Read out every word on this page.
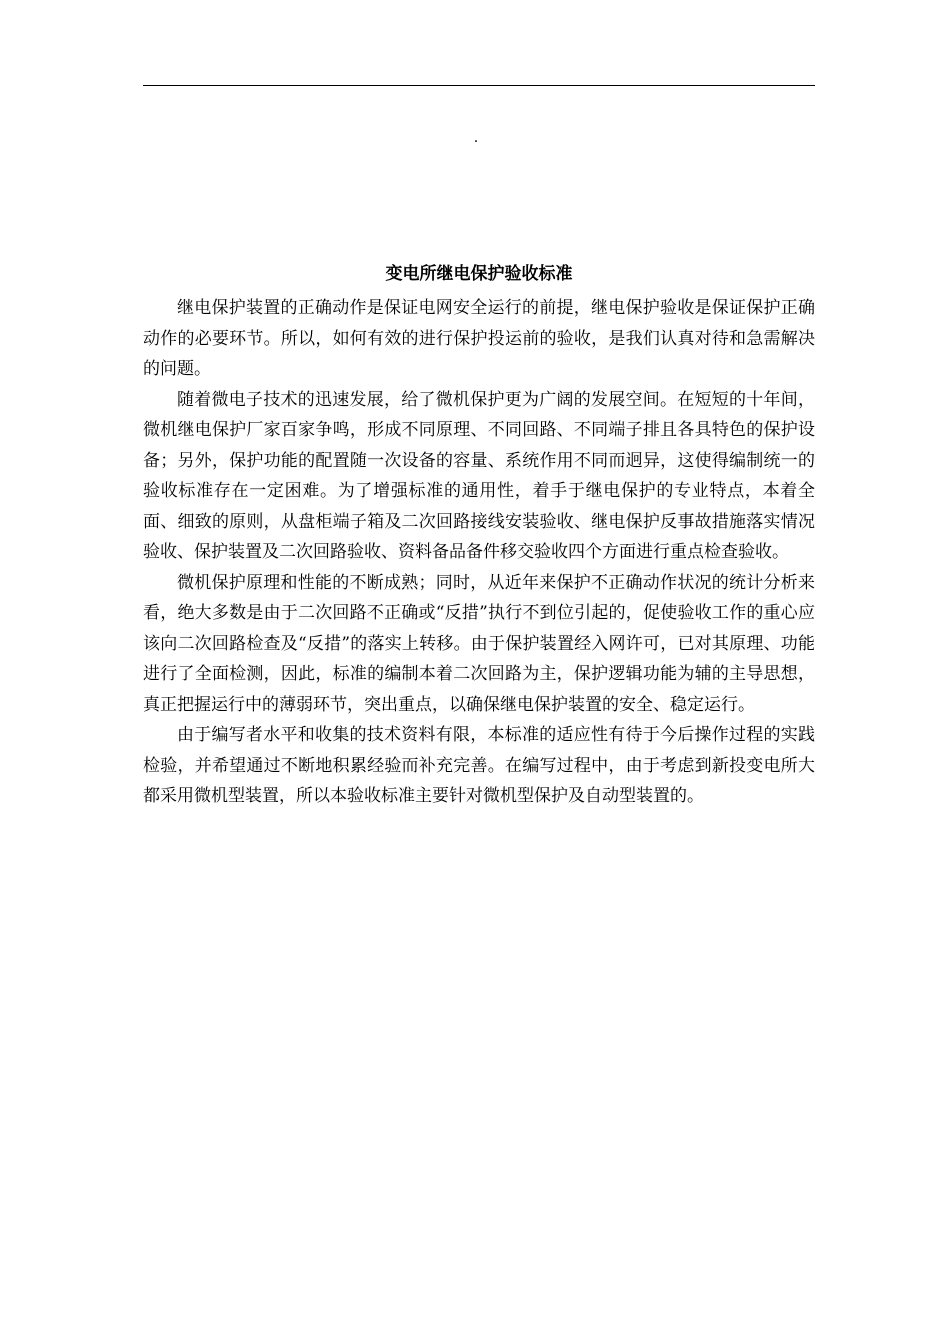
.
变电所继电保护验收标准

继电保护装置的正确动作是保证电网安全运行的前提，继电保护验收是保证保护正确动作的必要环节。所以，如何有效的进行保护投运前的验收，是我们认真对待和急需解决的问题。

随着微电子技术的迅速发展，给了微机保护更为广阔的发展空间。在短短的十年间，微机继电保护厂家百家争鸣，形成不同原理、不同回路、不同端子排且各具特色的保护设备；另外，保护功能的配置随一次设备的容量、系统作用不同而迥异，这使得编制统一的验收标准存在一定困难。为了增强标准的通用性，着手于继电保护的专业特点，本着全面、细致的原则，从盘柜端子箱及二次回路接线安装验收、继电保护反事故措施落实情况验收、保护装置及二次回路验收、资料备品备件移交验收四个方面进行重点检查验收。

微机保护原理和性能的不断成熟；同时，从近年来保护不正确动作状况的统计分析来看，绝大多数是由于二次回路不正确或“反措”执行不到位引起的，促使验收工作的重心应该向二次回路检查及“反措”的落实上转移。由于保护装置经入网许可，已对其原理、功能进行了全面检测，因此，标准的编制本着二次回路为主，保护逻辑功能为辅的主导思想，真正把握运行中的薄弱环节，突出重点，以确保继电保护装置的安全、稳定运行。

由于编写者水平和收集的技术资料有限，本标准的适应性有待于今后操作过程的实践检验，并希望通过不断地积累经验而补充完善。在编写过程中，由于考虑到新投变电所大都采用微机型装置，所以本验收标准主要针对微机型保护及自动型装置的。
